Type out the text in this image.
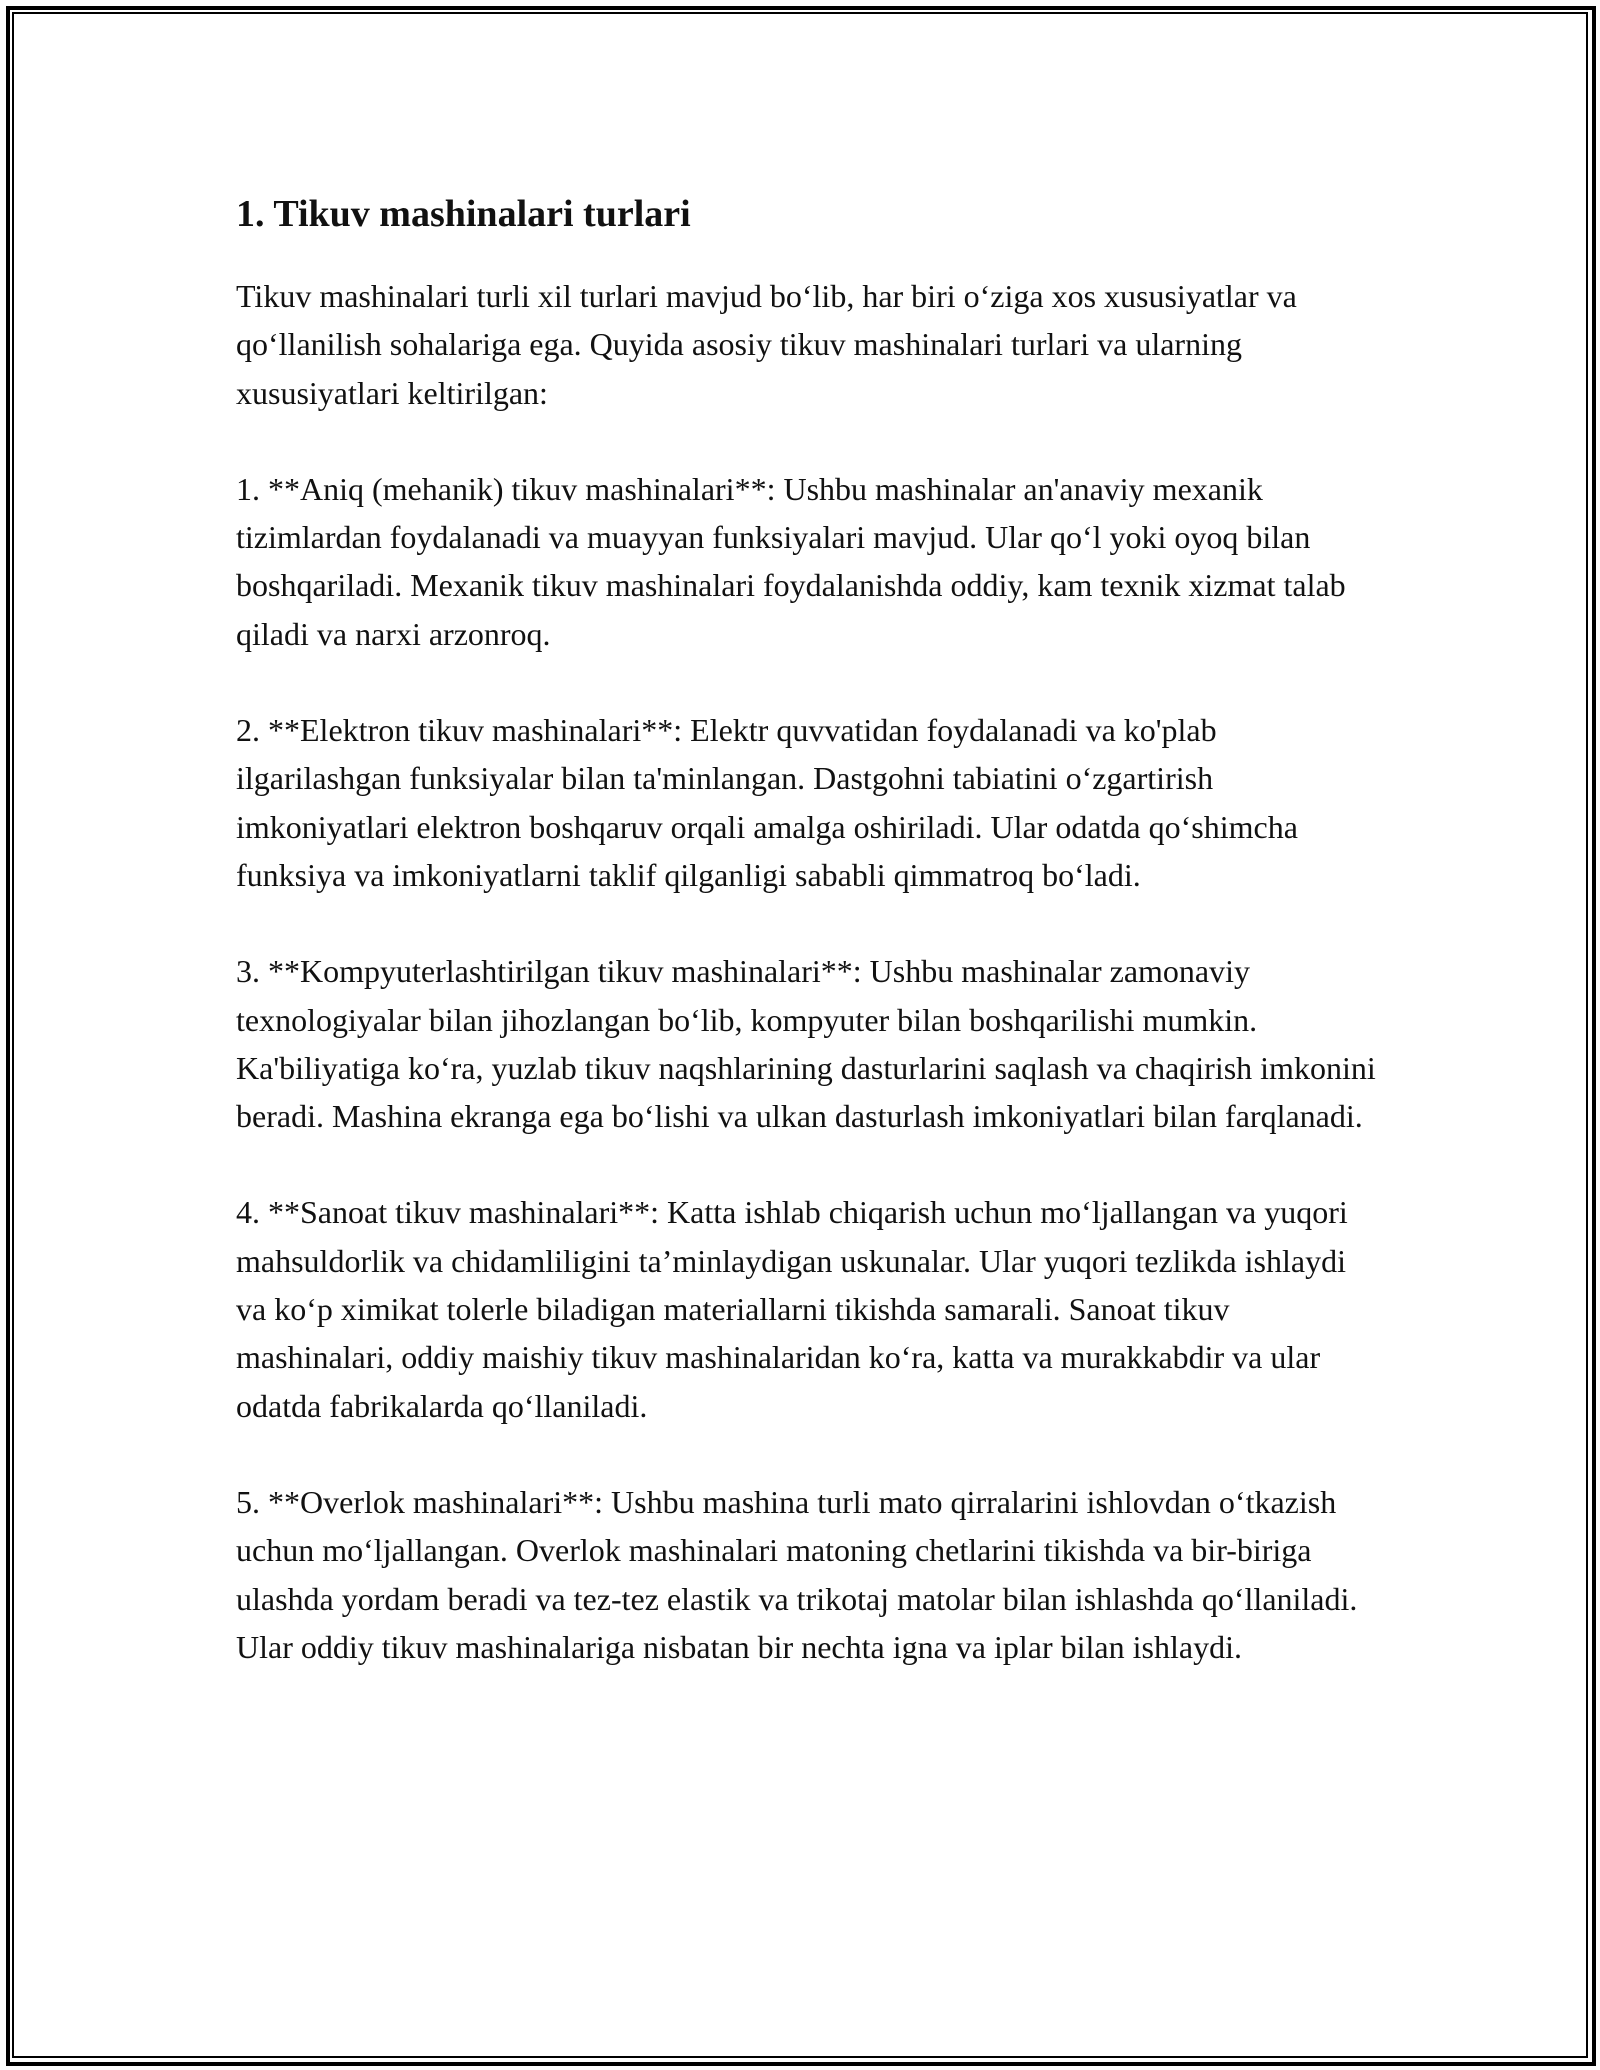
1. Tikuv mashinalari turlari

Tikuv mashinalari turli xil turlari mavjud bo‘lib, har biri o‘ziga xos xususiyatlar va qo‘llanilish sohalariga ega. Quyida asosiy tikuv mashinalari turlari va ularning xususiyatlari keltirilgan:

1. **Aniq (mehanik) tikuv mashinalari**: Ushbu mashinalar an'anaviy mexanik tizimlardan foydalanadi va muayyan funksiyalari mavjud. Ular qo‘l yoki oyoq bilan boshqariladi. Mexanik tikuv mashinalari foydalanishda oddiy, kam texnik xizmat talab qiladi va narxi arzonroq.

2. **Elektron tikuv mashinalari**: Elektr quvvatidan foydalanadi va ko'plab ilgarilashgan funksiyalar bilan ta'minlangan. Dastgohni tabiatini o‘zgartirish imkoniyatlari elektron boshqaruv orqali amalga oshiriladi. Ular odatda qo‘shimcha funksiya va imkoniyatlarni taklif qilganligi sababli qimmatroq bo‘ladi.

3. **Kompyuterlashtirilgan tikuv mashinalari**: Ushbu mashinalar zamonaviy texnologiyalar bilan jihozlangan bo‘lib, kompyuter bilan boshqarilishi mumkin. Ka'biliyatiga ko‘ra, yuzlab tikuv naqshlarining dasturlarini saqlash va chaqirish imkonini beradi. Mashina ekranga ega bo‘lishi va ulkan dasturlash imkoniyatlari bilan farqlanadi.

4. **Sanoat tikuv mashinalari**: Katta ishlab chiqarish uchun mo‘ljallangan va yuqori mahsuldorlik va chidamliligini ta’minlaydigan uskunalar. Ular yuqori tezlikda ishlaydi va ko‘p ximikat tolerle biladigan materiallarni tikishda samarali. Sanoat tikuv mashinalari, oddiy maishiy tikuv mashinalaridan ko‘ra, katta va murakkabdir va ular odatda fabrikalarda qo‘llaniladi.

5. **Overlok mashinalari**: Ushbu mashina turli mato qirralarini ishlovdan o‘tkazish uchun mo‘ljallangan. Overlok mashinalari matoning chetlarini tikishda va bir-biriga ulashda yordam beradi va tez-tez elastik va trikotaj matolar bilan ishlashda qo‘llaniladi. Ular oddiy tikuv mashinalariga nisbatan bir nechta igna va iplar bilan ishlaydi.
